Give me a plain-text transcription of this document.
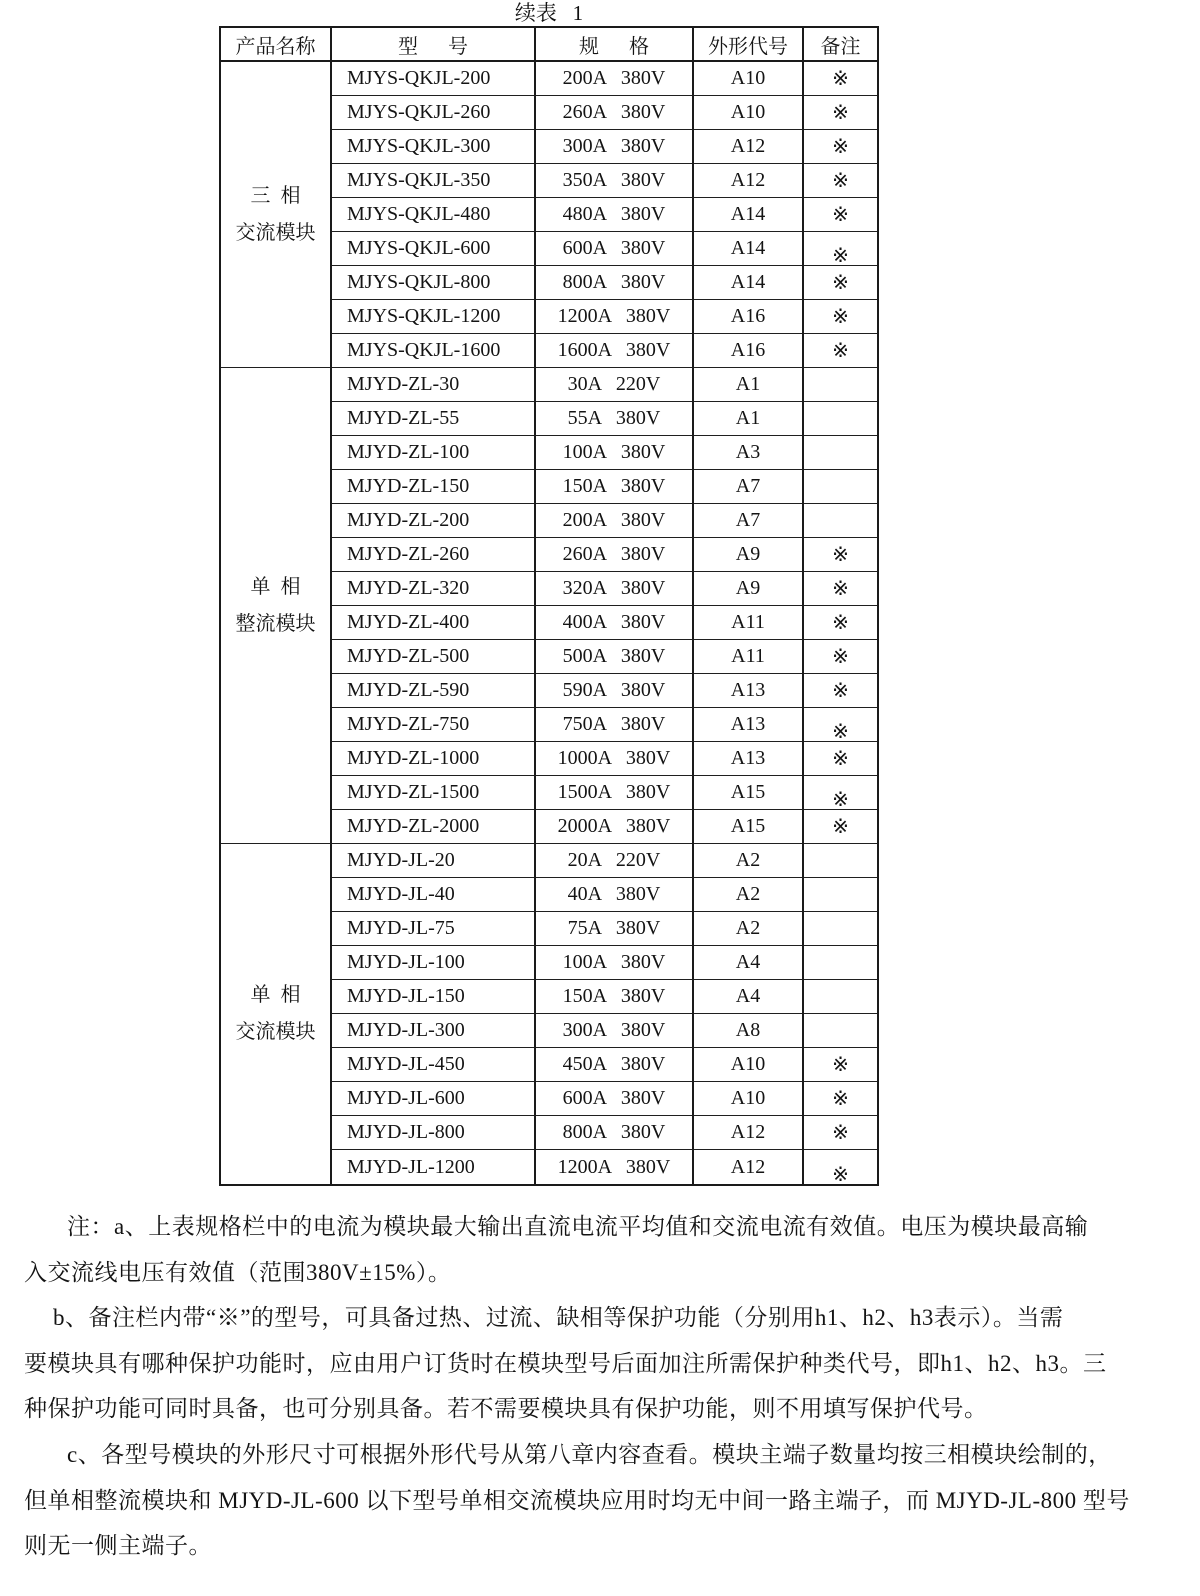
续表   1
产品名称	型      号	规      格	外形代号	备注
三  相
交流模块
MJYS-QKJL-200	200A   380V	A10	※
MJYS-QKJL-260	260A   380V	A10	※
MJYS-QKJL-300	300A   380V	A12	※
MJYS-QKJL-350	350A   380V	A12	※
MJYS-QKJL-480	480A   380V	A14	※
MJYS-QKJL-600	600A   380V	A14	※
MJYS-QKJL-800	800A   380V	A14	※
MJYS-QKJL-1200	1200A   380V	A16	※
MJYS-QKJL-1600	1600A   380V	A16	※
单  相
整流模块
MJYD-ZL-30	30A   220V	A1
MJYD-ZL-55	55A   380V	A1
MJYD-ZL-100	100A   380V	A3
MJYD-ZL-150	150A   380V	A7
MJYD-ZL-200	200A   380V	A7
MJYD-ZL-260	260A   380V	A9	※
MJYD-ZL-320	320A   380V	A9	※
MJYD-ZL-400	400A   380V	A11	※
MJYD-ZL-500	500A   380V	A11	※
MJYD-ZL-590	590A   380V	A13	※
MJYD-ZL-750	750A   380V	A13	※
MJYD-ZL-1000	1000A   380V	A13	※
MJYD-ZL-1500	1500A   380V	A15	※
MJYD-ZL-2000	2000A   380V	A15	※
单  相
交流模块
MJYD-JL-20	20A   220V	A2
MJYD-JL-40	40A   380V	A2
MJYD-JL-75	75A   380V	A2
MJYD-JL-100	100A   380V	A4
MJYD-JL-150	150A   380V	A4
MJYD-JL-300	300A   380V	A8
MJYD-JL-450	450A   380V	A10	※
MJYD-JL-600	600A   380V	A10	※
MJYD-JL-800	800A   380V	A12	※
MJYD-JL-1200	1200A   380V	A12	※
注：a、上表规格栏中的电流为模块最大输出直流电流平均值和交流电流有效值。电压为模块最高输
入交流线电压有效值（范围380V±15%）。
b、备注栏内带“※”的型号，可具备过热、过流、缺相等保护功能（分别用h1、h2、h3表示）。当需
要模块具有哪种保护功能时，应由用户订货时在模块型号后面加注所需保护种类代号，即h1、h2、h3。三
种保护功能可同时具备，也可分别具备。若不需要模块具有保护功能，则不用填写保护代号。
c、各型号模块的外形尺寸可根据外形代号从第八章内容查看。模块主端子数量均按三相模块绘制的，
但单相整流模块和 MJYD-JL-600 以下型号单相交流模块应用时均无中间一路主端子，而 MJYD-JL-800 型号
则无一侧主端子。
